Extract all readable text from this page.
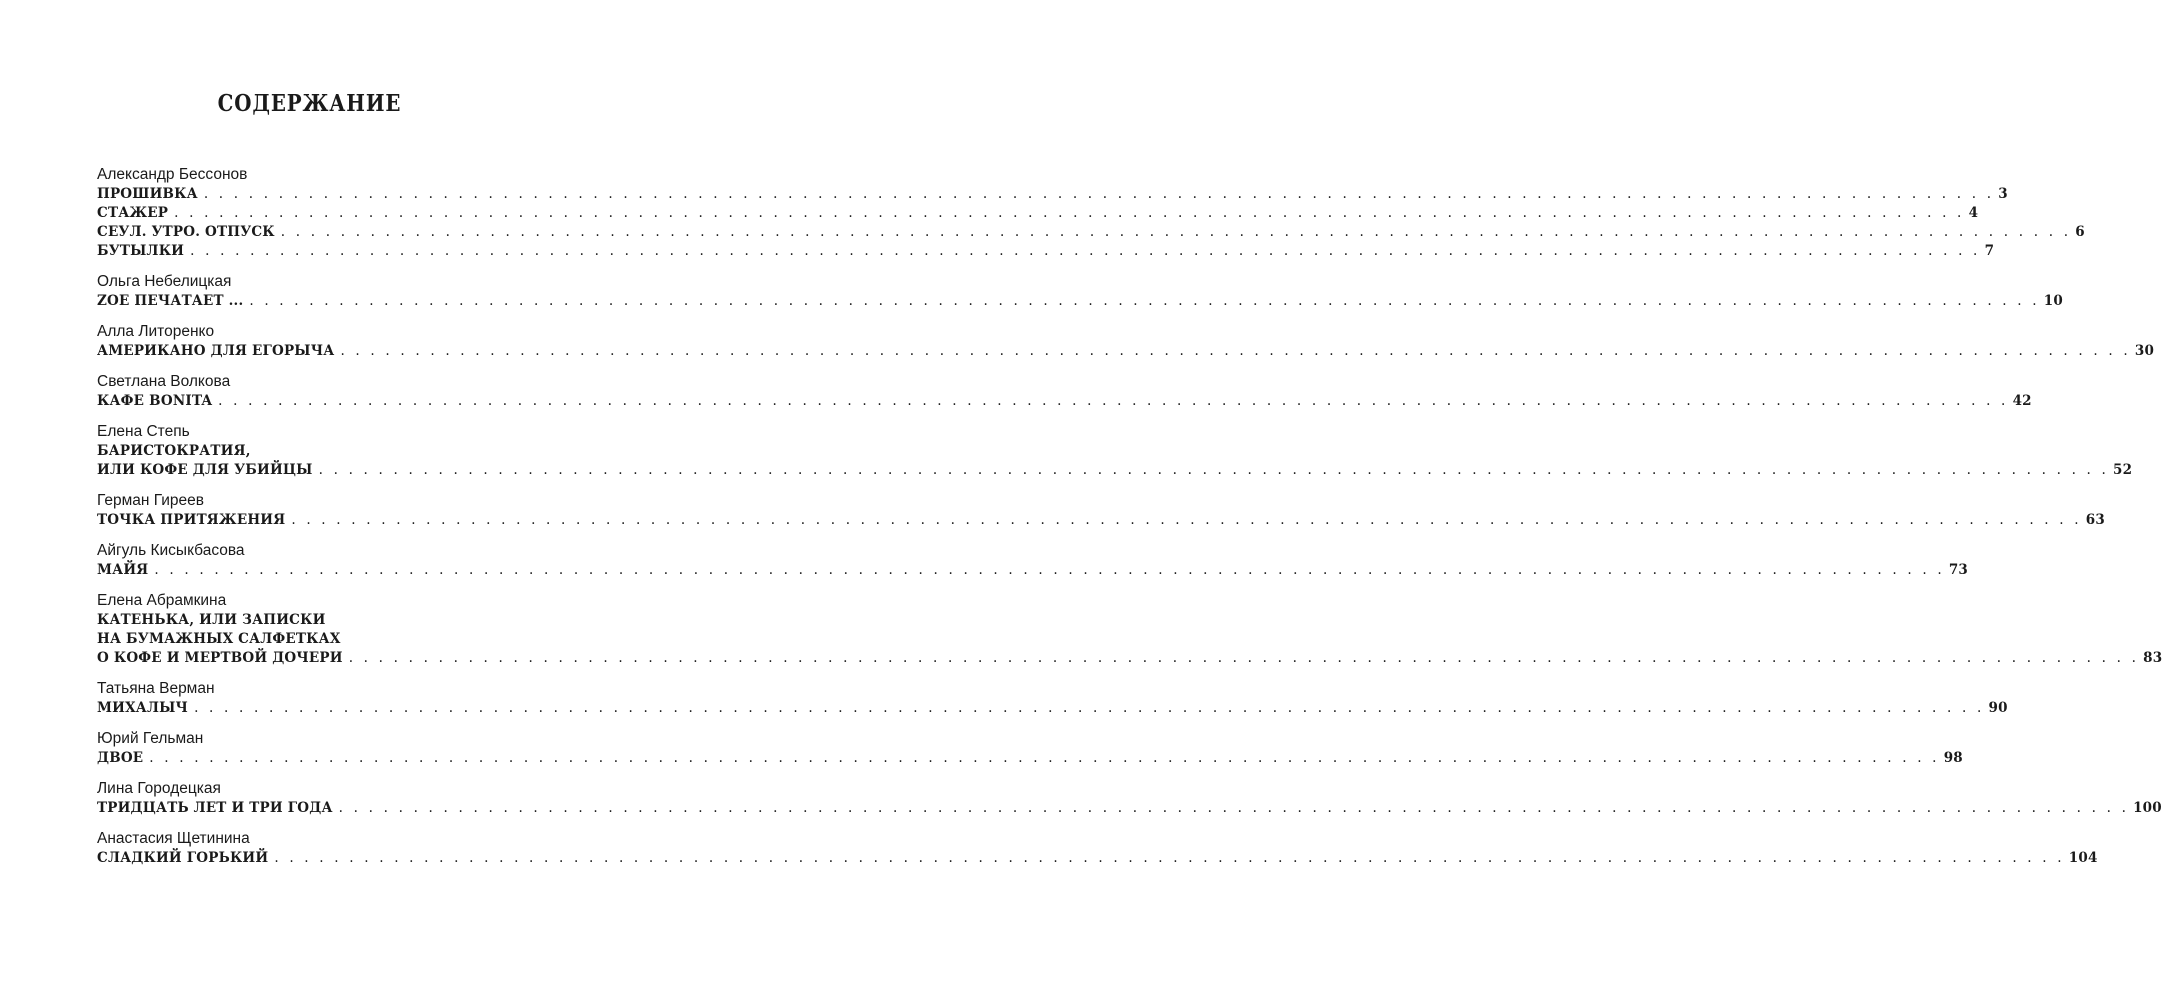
СОДЕРЖАНИЕ
Александр Бессонов
ПРОШИВКА . . . . . . . . . . . . . . . . . . . . . . . . . . . . . . . . . . . . . . . . . . . . . . . . . . . . . . . . . . . . . . . . . . . . . . . . . . . . . . . . . . . . . . . . . . . . . . . . . . . . . . . . . . . . . . . . . . . . . . . . 3
СТАЖЕР . . . . . . . . . . . . . . . . . . . . . . . . . . . . . . . . . . . . . . . . . . . . . . . . . . . . . . . . . . . . . . . . . . . . . . . . . . . . . . . . . . . . . . . . . . . . . . . . . . . . . . . . . . . . . . . . . . . . . . . . 4
СЕУЛ. УТРО. ОТПУСК . . . . . . . . . . . . . . . . . . . . . . . . . . . . . . . . . . . . . . . . . . . . . . . . . . . . . . . . . . . . . . . . . . . . . . . . . . . . . . . . . . . . . . . . . . . . . . . . . . . . . . . . . . . . . . . . . . . . . . . . 6
БУТЫЛКИ . . . . . . . . . . . . . . . . . . . . . . . . . . . . . . . . . . . . . . . . . . . . . . . . . . . . . . . . . . . . . . . . . . . . . . . . . . . . . . . . . . . . . . . . . . . . . . . . . . . . . . . . . . . . . . . . . . . . . . . . 7
Ольга Небелицкая
ZOE ПЕЧАТАЕТ ... . . . . . . . . . . . . . . . . . . . . . . . . . . . . . . . . . . . . . . . . . . . . . . . . . . . . . . . . . . . . . . . . . . . . . . . . . . . . . . . . . . . . . . . . . . . . . . . . . . . . . . . . . . . . . . . . . . . . . . . . 10
Алла Литоренко
АМЕРИКАНО ДЛЯ ЕГОРЫЧА . . . . . . . . . . . . . . . . . . . . . . . . . . . . . . . . . . . . . . . . . . . . . . . . . . . . . . . . . . . . . . . . . . . . . . . . . . . . . . . . . . . . . . . . . . . . . . . . . . . . . . . . . . . . . . . . . . . . . . . . 30
Светлана Волкова
КАФЕ BONITA . . . . . . . . . . . . . . . . . . . . . . . . . . . . . . . . . . . . . . . . . . . . . . . . . . . . . . . . . . . . . . . . . . . . . . . . . . . . . . . . . . . . . . . . . . . . . . . . . . . . . . . . . . . . . . . . . . . . . . . . 42
Елена Степь
БАРИСТОКРАТИЯ,
ИЛИ КОФЕ ДЛЯ УБИЙЦЫ . . . . . . . . . . . . . . . . . . . . . . . . . . . . . . . . . . . . . . . . . . . . . . . . . . . . . . . . . . . . . . . . . . . . . . . . . . . . . . . . . . . . . . . . . . . . . . . . . . . . . . . . . . . . . . . . . . . . . . . . 52
Герман Гиреев
ТОЧКА ПРИТЯЖЕНИЯ . . . . . . . . . . . . . . . . . . . . . . . . . . . . . . . . . . . . . . . . . . . . . . . . . . . . . . . . . . . . . . . . . . . . . . . . . . . . . . . . . . . . . . . . . . . . . . . . . . . . . . . . . . . . . . . . . . . . . . . . 63
Айгуль Кисыкбасова
МАЙЯ . . . . . . . . . . . . . . . . . . . . . . . . . . . . . . . . . . . . . . . . . . . . . . . . . . . . . . . . . . . . . . . . . . . . . . . . . . . . . . . . . . . . . . . . . . . . . . . . . . . . . . . . . . . . . . . . . . . . . . . . 73
Елена Абрамкина
КАТЕНЬКА, ИЛИ ЗАПИСКИ
НА БУМАЖНЫХ САЛФЕТКАХ
О КОФЕ И МЕРТВОЙ ДОЧЕРИ . . . . . . . . . . . . . . . . . . . . . . . . . . . . . . . . . . . . . . . . . . . . . . . . . . . . . . . . . . . . . . . . . . . . . . . . . . . . . . . . . . . . . . . . . . . . . . . . . . . . . . . . . . . . . . . . . . . . . . . . 83
Татьяна Верман
МИХАЛЫЧ . . . . . . . . . . . . . . . . . . . . . . . . . . . . . . . . . . . . . . . . . . . . . . . . . . . . . . . . . . . . . . . . . . . . . . . . . . . . . . . . . . . . . . . . . . . . . . . . . . . . . . . . . . . . . . . . . . . . . . . . 90
Юрий Гельман
ДВОЕ . . . . . . . . . . . . . . . . . . . . . . . . . . . . . . . . . . . . . . . . . . . . . . . . . . . . . . . . . . . . . . . . . . . . . . . . . . . . . . . . . . . . . . . . . . . . . . . . . . . . . . . . . . . . . . . . . . . . . . . . 98
Лина Городецкая
ТРИДЦАТЬ ЛЕТ И ТРИ ГОДА . . . . . . . . . . . . . . . . . . . . . . . . . . . . . . . . . . . . . . . . . . . . . . . . . . . . . . . . . . . . . . . . . . . . . . . . . . . . . . . . . . . . . . . . . . . . . . . . . . . . . . . . . . . . . . . . . . . . . . . . 100
Анастасия Щетинина
СЛАДКИЙ ГОРЬКИЙ . . . . . . . . . . . . . . . . . . . . . . . . . . . . . . . . . . . . . . . . . . . . . . . . . . . . . . . . . . . . . . . . . . . . . . . . . . . . . . . . . . . . . . . . . . . . . . . . . . . . . . . . . . . . . . . . . . . . . . . . 104
